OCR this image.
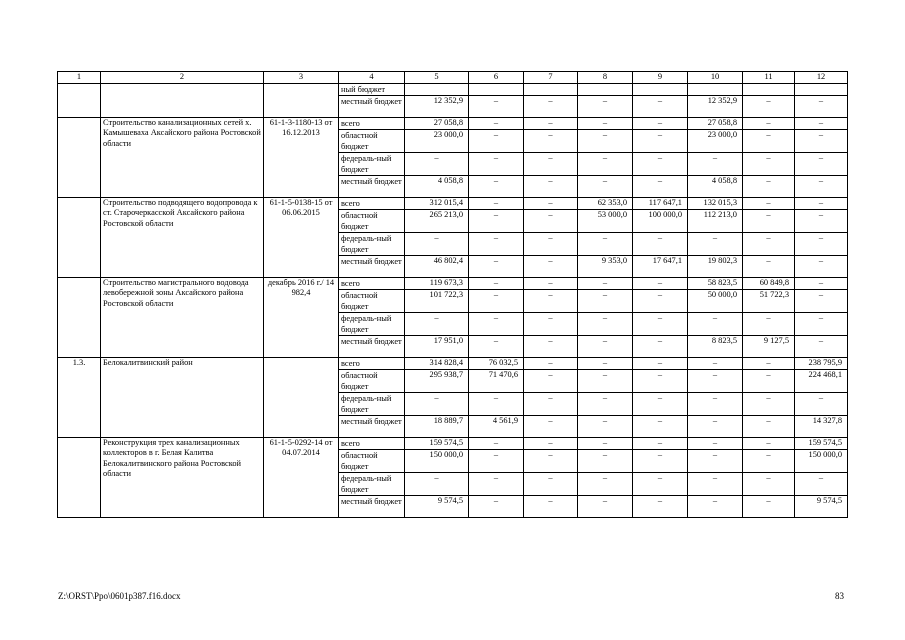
1	2	3	4	5	6	7	8	9	10	11	12
			ный бюджет								
			местный бюджет	12 352,9	–	–	–	–	12 352,9	–	–
	Строительство канализационных сетей х. Камышеваха Аксайского района Ростовской области	61-1-3-1180-13 от 16.12.2013	всего	27 058,8	–	–	–	–	27 058,8	–	–
			областной бюджет	23 000,0	–	–	–	–	23 000,0	–	–
			федераль-ный бюджет	–	–	–	–	–	–	–	–
			местный бюджет	4 058,8	–	–	–	–	4 058,8	–	–
	Строительство подводящего водопровода к ст. Старочеркасской Аксайского района Ростовской области	61-1-5-0138-15 от 06.06.2015	всего	312 015,4	–	–	62 353,0	117 647,1	132 015,3	–	–
			областной бюджет	265 213,0	–	–	53 000,0	100 000,0	112 213,0	–	–
			федераль-ный бюджет	–	–	–	–	–	–	–	–
			местный бюджет	46 802,4	–	–	9 353,0	17 647,1	19 802,3	–	–
	Строительство магистрального водовода левобережной зоны Аксайского района Ростовской области	декабрь 2016 г./ 14 982,4	всего	119 673,3	–	–	–	–	58 823,5	60 849,8	–
			областной бюджет	101 722,3	–	–	–	–	50 000,0	51 722,3	–
			федераль-ный бюджет	–	–	–	–	–	–	–	–
			местный бюджет	17 951,0	–	–	–	–	8 823,5	9 127,5	–
1.3.	Белокалитвинский район		всего	314 828,4	76 032,5	–	–	–	–	–	238 795,9
			областной бюджет	295 938,7	71 470,6	–	–	–	–	–	224 468,1
			федераль-ный бюджет	–	–	–	–	–	–	–	–
			местный бюджет	18 889,7	4 561,9	–	–	–	–	–	14 327,8
	Реконструкция трех канализационных коллекторов в г. Белая Калитва Белокалитвинского района Ростовской области	61-1-5-0292-14 от 04.07.2014	всего	159 574,5	–	–	–	–	–	–	159 574,5
			областной бюджет	150 000,0	–	–	–	–	–	–	150 000,0
			федераль-ный бюджет	–	–	–	–	–	–	–	–
			местный бюджет	9 574,5	–	–	–	–	–	–	9 574,5
Z:\ORST\Ppo\0601p387.f16.docx	83
